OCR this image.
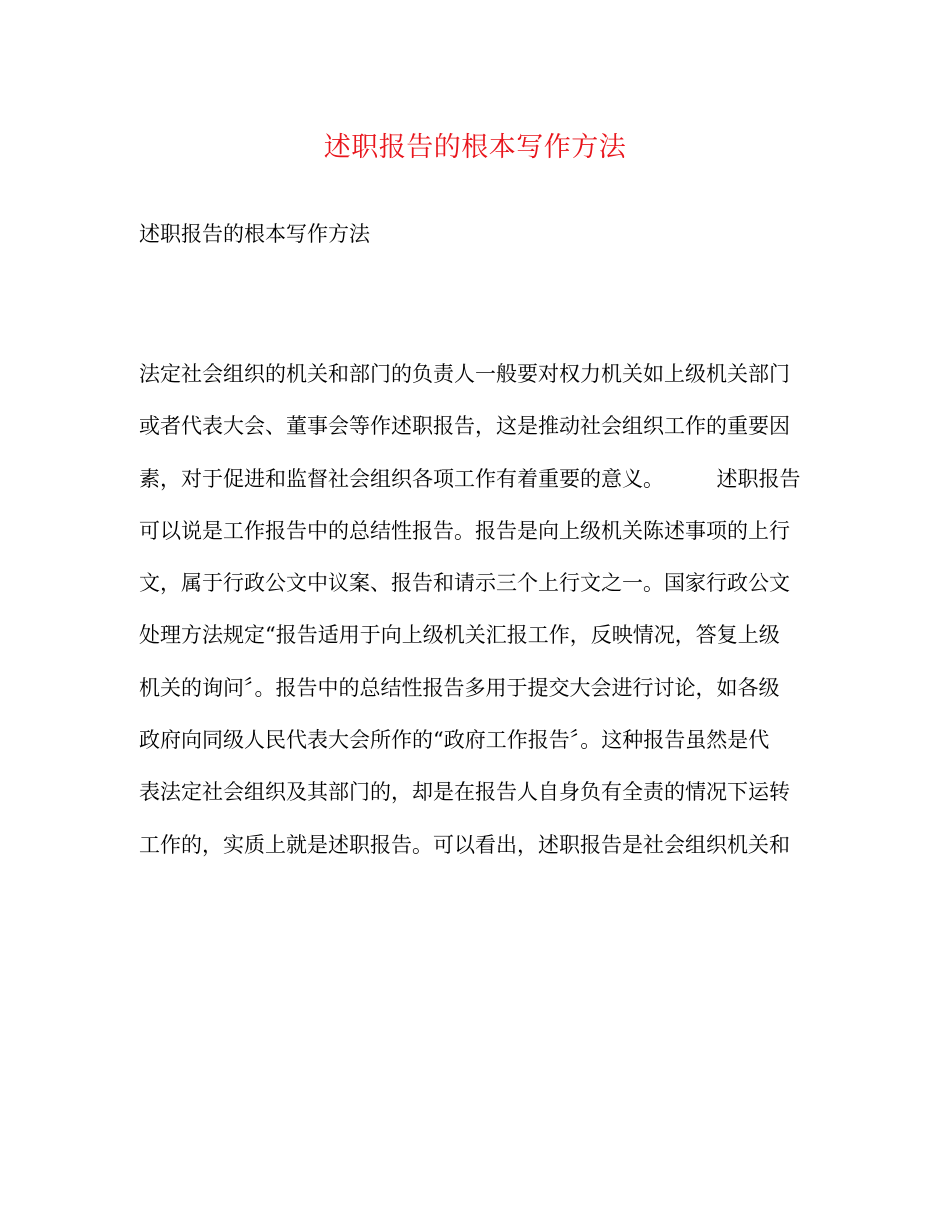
述职报告的根本写作方法
述职报告的根本写作方法
法定社会组织的机关和部门的负责人一般要对权力机关如上级机关部门
或者代表大会、董事会等作述职报告，这是推动社会组织工作的重要因
素，对于促进和监督社会组织各项工作有着重要的意义。　　　述职报告
可以说是工作报告中的总结性报告。报告是向上级机关陈述事项的上行
文，属于行政公文中议案、报告和请示三个上行文之一。国家行政公文
处理方法规定“报告适用于向上级机关汇报工作，反映情况，答复上级
机关的询问〞。报告中的总结性报告多用于提交大会进行讨论，如各级
政府向同级人民代表大会所作的“政府工作报告〞。这种报告虽然是代
表法定社会组织及其部门的，却是在报告人自身负有全责的情况下运转
工作的，实质上就是述职报告。可以看出，述职报告是社会组织机关和
